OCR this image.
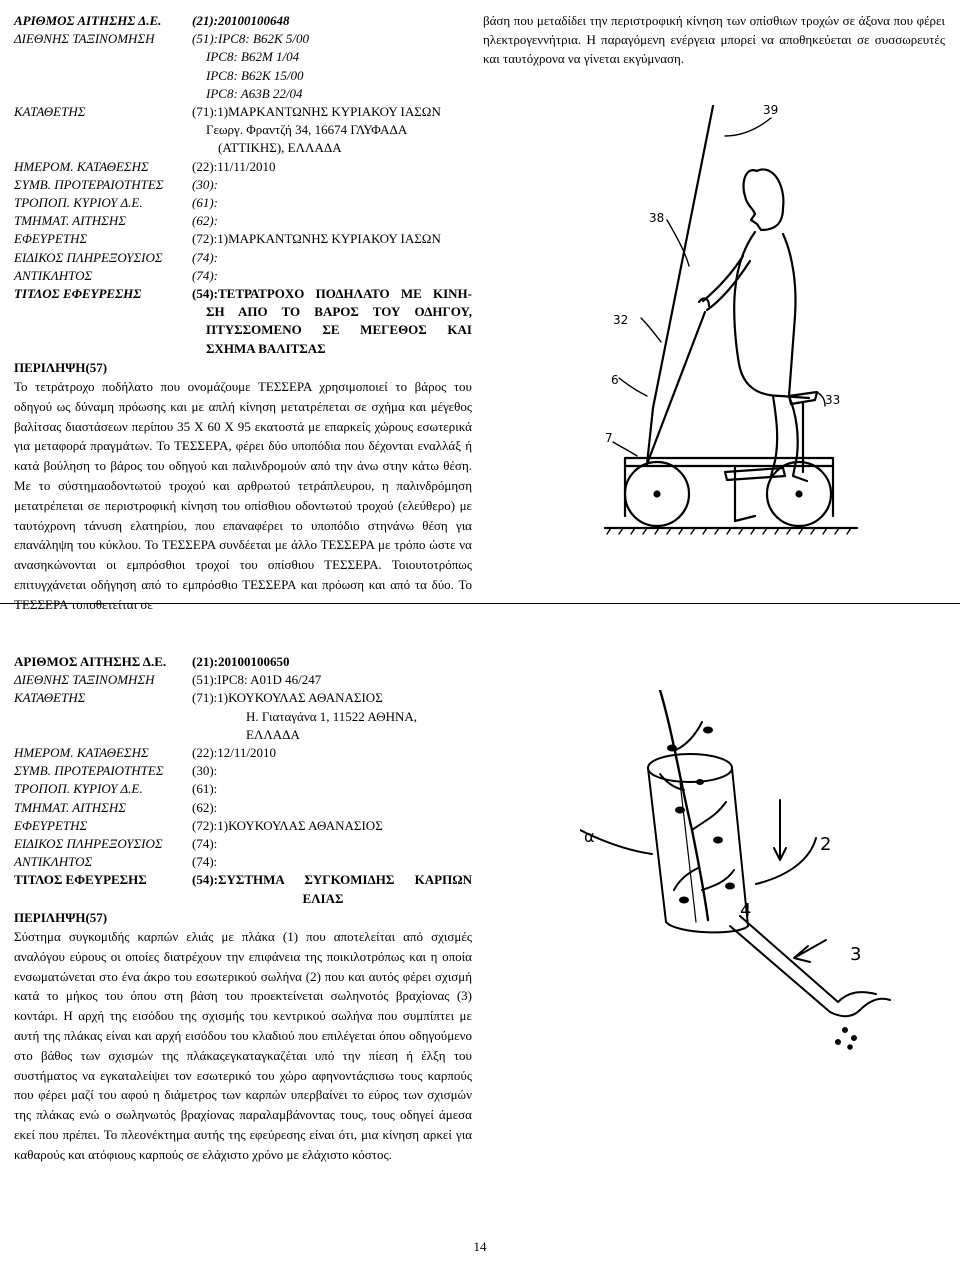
ΑΡΙΘΜΟΣ ΑΙΤΗΣΗΣ Δ.Ε.	(21):20100100648
ΔΙΕΘΝΗΣ ΤΑΞΙΝΟΜΗΣΗ	(51):IPC8: B62K 5/00
IPC8: B62M 1/04
IPC8: B62K 15/00
IPC8: A63B 22/04
ΚΑΤΑΘΕΤΗΣ	(71):1)ΜΑΡΚΑΝΤΩΝΗΣ ΚΥΡΙΑΚΟΥ ΙΑΣΩΝ
Γεωργ. Φραντζή 34, 16674 ΓΛΥΦΑΔΑ
(ΑΤΤΙΚΗΣ), ΕΛΛΑΔΑ
ΗΜΕΡΟΜ. ΚΑΤΑΘΕΣΗΣ	(22):11/11/2010
ΣΥΜΒ. ΠΡΟΤΕΡΑΙΟΤΗΤΕΣ	(30):
ΤΡΟΠΟΠ. ΚΥΡΙΟΥ Δ.Ε.	(61):
ΤΜΗΜΑΤ. ΑΙΤΗΣΗΣ	(62):
ΕΦΕΥΡΕΤΗΣ	(72):1)ΜΑΡΚΑΝΤΩΝΗΣ ΚΥΡΙΑΚΟΥ ΙΑΣΩΝ
ΕΙΔΙΚΟΣ ΠΛΗΡΕΞΟΥΣΙΟΣ	(74):
ΑΝΤΙΚΛΗΤΟΣ	(74):
ΤΙΤΛΟΣ ΕΦΕΥΡΕΣΗΣ	(54):ΤΕΤΡΑΤΡΟΧΟ ΠΟΔΗΛΑΤΟ ΜΕ ΚΙΝΗ-
ΣΗ ΑΠΟ ΤΟ ΒΑΡΟΣ ΤΟΥ ΟΔΗΓΟΥ,
ΠΤΥΣΣΟΜΕΝΟ ΣΕ ΜΕΓΕΘΟΣ ΚΑΙ
ΣΧΗΜΑ ΒΑΛΙΤΣΑΣ
ΠΕΡΙΛΗΨΗ(57)
Το τετράτροχο ποδήλατο που ονομάζουμε ΤΕΣΣΕΡΑ χρησιμοποιεί το βάρος του οδηγού ως δύναμη πρόωσης και με απλή κίνηση μετατρέπεται σε σχήμα και μέγεθος βαλίτσας διαστάσεων περίπου 35 Χ 60 Χ 95 εκατοστά με επαρκείς χώρους εσωτερικά για μεταφορά πραγμάτων. Το ΤΕΣΣΕΡΑ, φέρει δύο υποπόδια που δέχονται εναλλάξ ή κατά βούληση το βάρος του οδηγού και παλινδρομούν από την άνω στην κάτω θέση. Με το σύστημαοδοντωτού τροχού και αρθρωτού τετράπλευρου, η παλινδρόμηση μετατρέπεται σε περιστροφική κίνηση του οπίσθιου οδοντωτού τροχού (ελεύθερο) με ταυτόχρονη τάνυση ελατηρίου, που επαναφέρει το υποπόδιο στηνάνω θέση για επανάληψη του κύκλου. Το ΤΕΣΣΕΡΑ συνδέεται με άλλο ΤΕΣΣΕΡΑ με τρόπο ώστε να ανασηκώνονται οι εμπρόσθιοι τροχοί του οπίσθιου ΤΕΣΣΕΡΑ. Τοιουτοτρόπως επιτυγχάνεται οδήγηση από το εμπρόσθιο ΤΕΣΣΕΡΑ και πρόωση και από τα δύο. Το ΤΕΣΣΕΡΑ τοποθετείται σε
βάση που μεταδίδει την περιστροφική κίνηση των οπίσθιων τροχών σε άξονα που φέρει ηλεκτρογεννήτρια. Η παραγόμενη ενέργεια μπορεί να αποθηκεύεται σε συσσωρευτές και ταυτόχρονα να γίνεται εκγύμναση.
39
38
32
6
33
7
ΑΡΙΘΜΟΣ ΑΙΤΗΣΗΣ Δ.Ε.	(21):20100100650
ΔΙΕΘΝΗΣ ΤΑΞΙΝΟΜΗΣΗ	(51):IPC8: A01D 46/247
ΚΑΤΑΘΕΤΗΣ	(71):1)ΚΟΥΚΟΥΛΑΣ ΑΘΑΝΑΣΙΟΣ
Η. Γιαταγάνα 1, 11522 ΑΘΗΝΑ, ΕΛΛΑΔΑ
ΗΜΕΡΟΜ. ΚΑΤΑΘΕΣΗΣ	(22):12/11/2010
ΣΥΜΒ. ΠΡΟΤΕΡΑΙΟΤΗΤΕΣ	(30):
ΤΡΟΠΟΠ. ΚΥΡΙΟΥ Δ.Ε.	(61):
ΤΜΗΜΑΤ. ΑΙΤΗΣΗΣ	(62):
ΕΦΕΥΡΕΤΗΣ	(72):1)ΚΟΥΚΟΥΛΑΣ ΑΘΑΝΑΣΙΟΣ
ΕΙΔΙΚΟΣ ΠΛΗΡΕΞΟΥΣΙΟΣ	(74):
ΑΝΤΙΚΛΗΤΟΣ	(74):
ΤΙΤΛΟΣ ΕΦΕΥΡΕΣΗΣ	(54):ΣΥΣΤΗΜΑ ΣΥΓΚΟΜΙΔΗΣ ΚΑΡΠΩΝ
ΕΛΙΑΣ
ΠΕΡΙΛΗΨΗ(57)
Σύστημα συγκομιδής καρπών ελιάς με πλάκα (1) που αποτελείται από σχισμές αναλόγου εύρους οι οποίες διατρέχουν την επιφάνεια της ποικιλοτρόπως και η οποία ενσωματώνεται στο ένα άκρο του εσωτερικού σωλήνα (2) που και αυτός φέρει σχισμή κατά το μήκος του όπου στη βάση του προεκτείνεται σωληνοτός βραχίονας (3) κοντάρι. Η αρχή της εισόδου της σχισμής του κεντρικού σωλήνα που συμπίπτει με αυτή της πλάκας είναι και αρχή εισόδου του κλαδιού που επιλέγεται όπου οδηγούμενο στο βάθος των σχισμών της πλάκαςεγκαταγκαζέται υπό την πίεση ή έλξη του συστήματος να εγκαταλείψει τον εσωτερικό του χώρο αφηνοντάςπισω τους καρπούς που φέρει μαζί του αφού η διάμετρος των καρπών υπερβαίνει το εύρος των σχισμών της πλάκας ενώ ο σωληνωτός βραχίονας παραλαμβάνοντας τους, τους οδηγεί άμεσα εκεί που πρέπει. Το πλεονέκτημα αυτής της εφεύρεσης είναι ότι, μια κίνηση αρκεί για καθαρούς και ατόφιους καρπούς σε ελάχιστο χρόνο με ελάχιστο κόστος.
α	2
4
3
14
